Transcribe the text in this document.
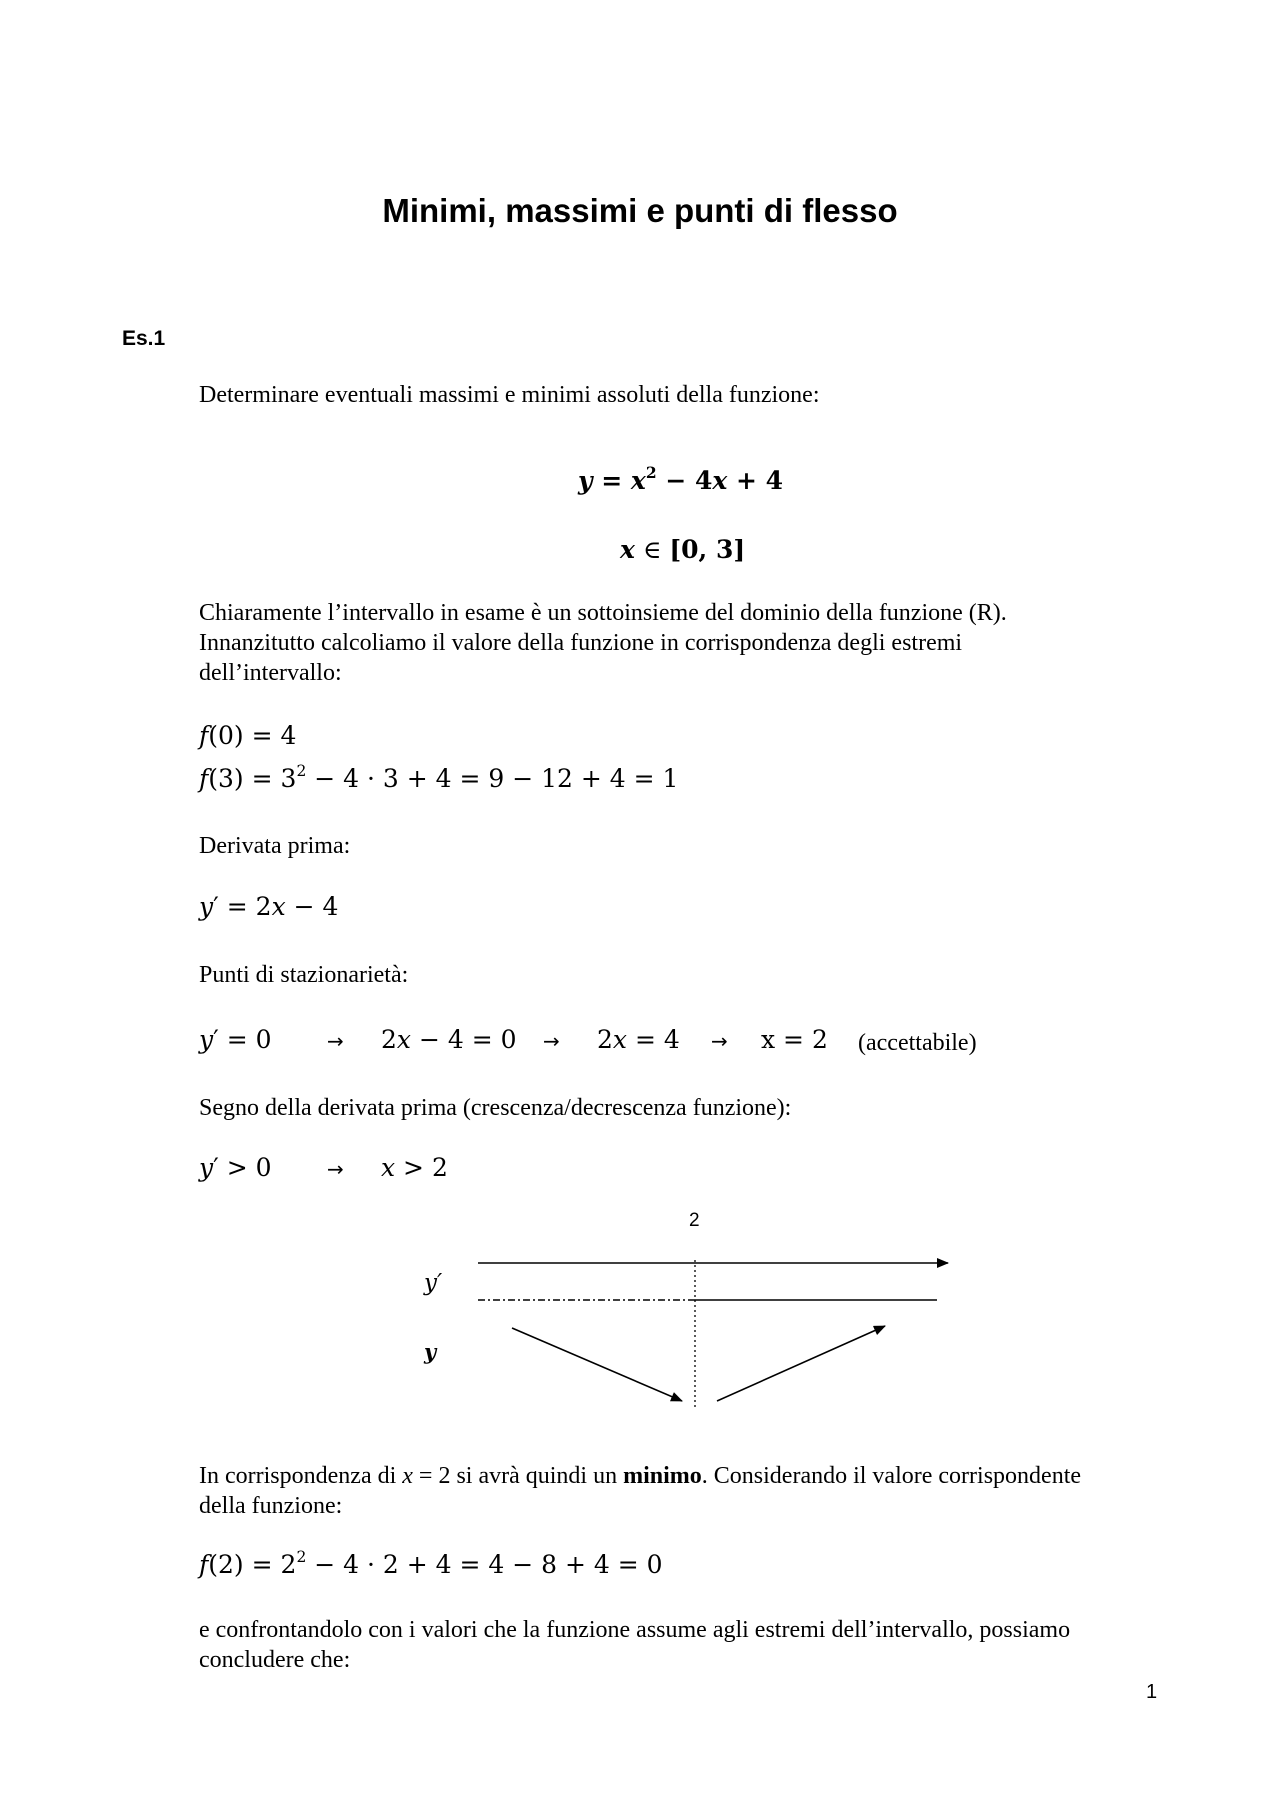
Minimi, massimi e punti di flesso
Es.1
Determinare eventuali massimi e minimi assoluti della funzione:
$y = x^2 - 4x + 4$
x ∈ [0, 3]
Chiaramente l’intervallo in esame è un sottoinsieme del dominio della funzione (R).
Innanzitutto calcoliamo il valore della funzione in corrispondenza degli estremi
dell’intervallo:
f(0) = 4
$f(3) = 3^2 - 4 \cdot 3 + 4 = 9 - 12 + 4 = 1$
Derivata prima:
y′ = 2x − 4
Punti di stazionarietà:
y′ = 0	→ 2x − 4 = 0 → 2x = 4 → x = 2 (accettabile)
Segno della derivata prima (crescenza/decrescenza funzione):
y′ > 0	→ x > 2
2
y′
y
In corrispondenza di x = 2 si avrà quindi un minimo. Considerando il valore corrispondente
della funzione:
$f(2) = 2^2 - 4 \cdot 2 + 4 = 4 - 8 + 4 = 0$
e confrontandolo con i valori che la funzione assume agli estremi dell’intervallo, possiamo
concludere che:
1
